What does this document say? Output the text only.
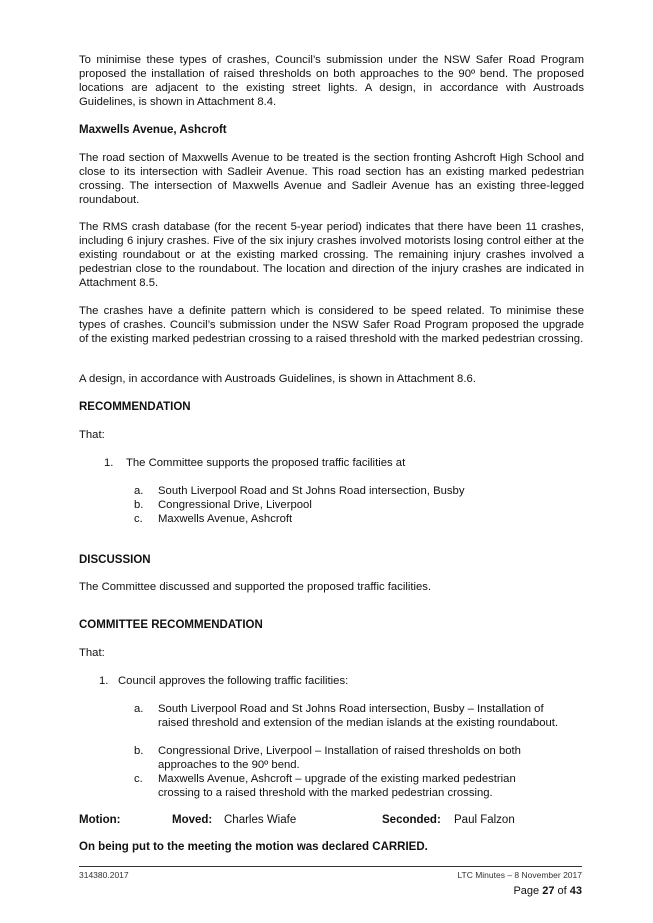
To minimise these types of crashes, Council’s submission under the NSW Safer Road Program proposed the installation of raised thresholds on both approaches to the 90º bend. The proposed locations are adjacent to the existing street lights. A design, in accordance with Austroads Guidelines, is shown in Attachment 8.4.

Maxwells Avenue, Ashcroft

The road section of Maxwells Avenue to be treated is the section fronting Ashcroft High School and close to its intersection with Sadleir Avenue. This road section has an existing marked pedestrian crossing. The intersection of Maxwells Avenue and Sadleir Avenue has an existing three-legged roundabout.

The RMS crash database (for the recent 5-year period) indicates that there have been 11 crashes, including 6 injury crashes. Five of the six injury crashes involved motorists losing control either at the existing roundabout or at the existing marked crossing. The remaining injury crashes involved a pedestrian close to the roundabout. The location and direction of the injury crashes are indicated in Attachment 8.5.

The crashes have a definite pattern which is considered to be speed related. To minimise these types of crashes. Council’s submission under the NSW Safer Road Program proposed the upgrade of the existing marked pedestrian crossing to a raised threshold with the marked pedestrian crossing.

A design, in accordance with Austroads Guidelines, is shown in Attachment 8.6.

RECOMMENDATION

That:

1. The Committee supports the proposed traffic facilities at
a. South Liverpool Road and St Johns Road intersection, Busby
b. Congressional Drive, Liverpool
c. Maxwells Avenue, Ashcroft

DISCUSSION

The Committee discussed and supported the proposed traffic facilities.

COMMITTEE RECOMMENDATION

That:

1. Council approves the following traffic facilities:
a. South Liverpool Road and St Johns Road intersection, Busby – Installation of raised threshold and extension of the median islands at the existing roundabout.
b. Congressional Drive, Liverpool – Installation of raised thresholds on both approaches to the 90º bend.
c. Maxwells Avenue, Ashcroft – upgrade of the existing marked pedestrian crossing to a raised threshold with the marked pedestrian crossing.
Motion:	Moved: Charles Wiafe	Seconded: Paul Falzon
On being put to the meeting the motion was declared CARRIED.
314380.2017	LTC Minutes – 8 November 2017
Page 27 of 43
